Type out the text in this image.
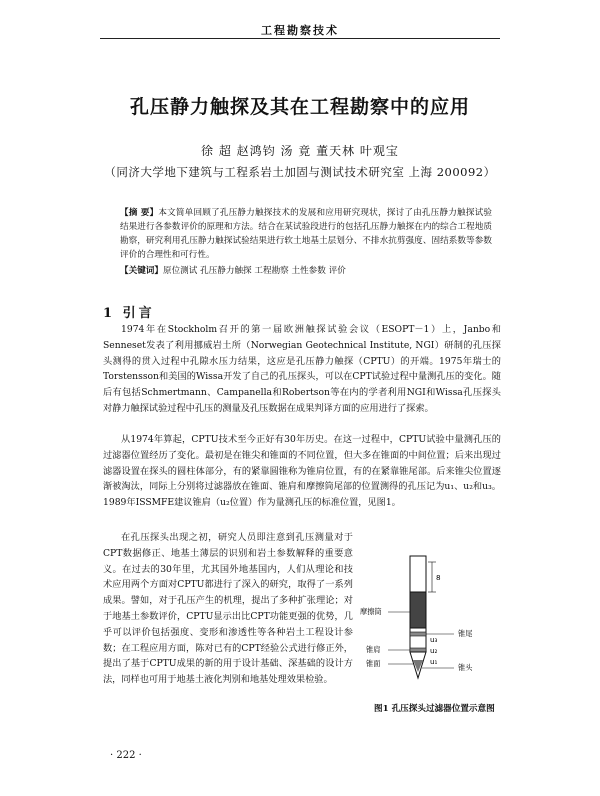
工程勘察技术
孔压静力触探及其在工程勘察中的应用
徐 超 赵鸿钧 汤 竟 董天林 叶观宝
（同济大学地下建筑与工程系岩土加固与测试技术研究室 上海 200092）
【摘 要】本文简单回顾了孔压静力触探技术的发展和应用研究现状，探讨了由孔压静力触探试验结果进行各参数评价的原理和方法。结合在某试验段进行的包括孔压静力触探在内的综合工程地质勘察，研究利用孔压静力触探试验结果进行软土地基土层划分、不排水抗剪强度、固结系数等参数评价的合理性和可行性。
【关键词】原位测试 孔压静力触探 工程勘察 土性参数 评价
1 引言

1974年在Stockholm召开的第一届欧洲触探试验会议（ESOPT－1）上，Janbo和Senneset发表了利用挪威岩土所（Norwegian Geotechnical Institute, NGI）研制的孔压探头测得的贯入过程中孔隙水压力结果，这应是孔压静力触探（CPTU）的开端。1975年瑞士的Torstensson和美国的Wissa开发了自己的孔压探头，可以在CPT试验过程中量测孔压的变化。随后有包括Schmertmann、Campanella和Robertson等在内的学者利用NGI和Wissa孔压探头对静力触探试验过程中孔压的测量及孔压数据在成果判译方面的应用进行了探索。

从1974年算起，CPTU技术至今正好有30年历史。在这一过程中，CPTU试验中量测孔压的过滤器位置经历了变化。最初是在锥尖和锥面的不同位置，但大多在锥面的中间位置；后来出现过滤器设置在探头的圆柱体部分，有的紧靠圆锥称为锥肩位置，有的在紧靠锥尾部。后来锥尖位置逐渐被淘汰，同际上分别将过滤器放在锥面、锥肩和摩擦筒尾部的位置测得的孔压记为u₁、u₂和u₃。1989年ISSMFE建议锥肩（u₂位置）作为量测孔压的标准位置，见图1。

在孔压探头出现之初，研究人员即注意到孔压测量对于CPT数据修正、地基土薄层的识别和岩土参数解释的重要意义。在过去的30年里，尤其国外地基国内，人们从理论和技术应用两个方面对CPTU都进行了深入的研究，取得了一系列成果。譬如，对于孔压产生的机理，提出了多种扩张理论；对于地基土参数评价，CPTU显示出比CPT功能更强的优势，几乎可以评价包括强度、变形和渗透性等各种岩土工程设计参数；在工程应用方面，陈对已有的CPT经验公式进行修正外，提出了基于CPTU成果的新的用于设计基础、深基础的设计方法，同样也可用于地基土液化判别和地基处理效果检验。

摩擦筒
锥肩
锥面
锥尾
锥头
u₁
u₂
u₃
8
图1 孔压探头过滤器位置示意图
· 222 ·
